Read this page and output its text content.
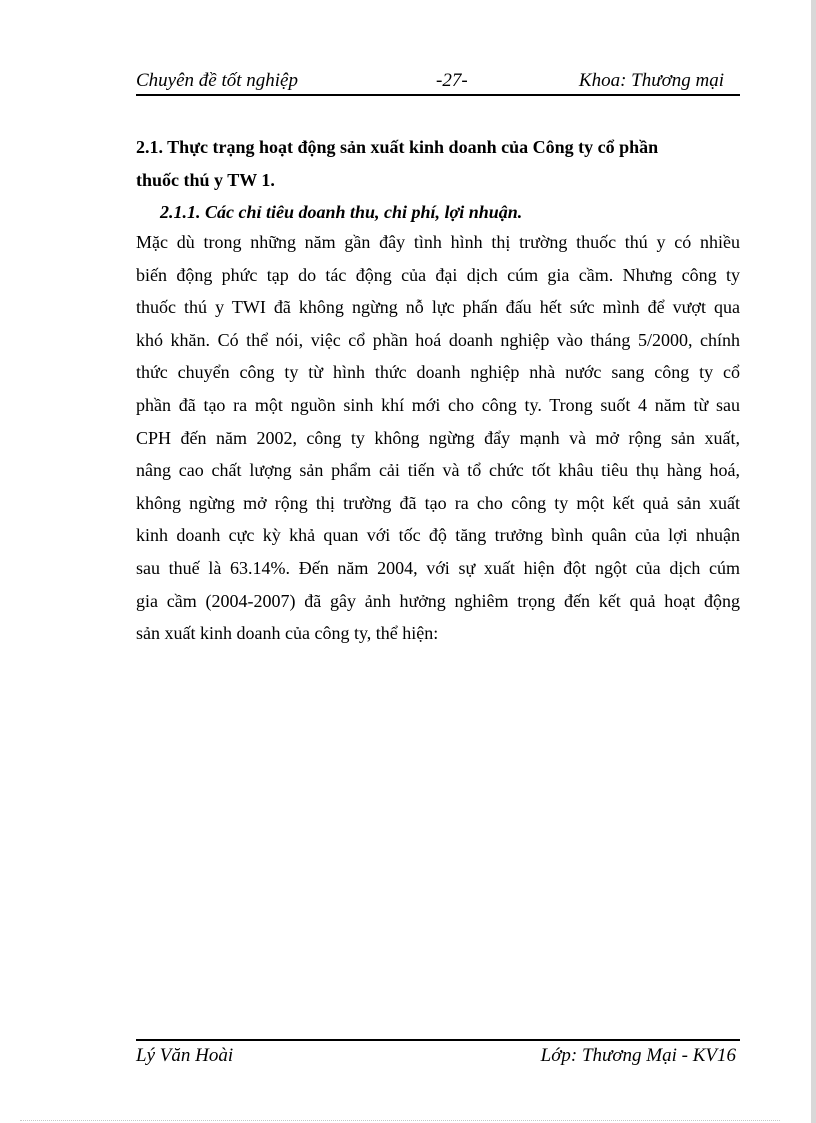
Chuyên đề tốt nghiệp	-27-	Khoa: Thương mại
2.1. Thực trạng hoạt động sản xuất kinh doanh của Công ty cổ phần
thuốc thú y TW 1.
2.1.1. Các chỉ tiêu doanh thu, chi phí, lợi nhuận.
Mặc dù trong những năm gần đây tình hình thị trường thuốc thú y có nhiều
biến động phức tạp do tác động của đại dịch cúm gia cầm. Nhưng công ty
thuốc thú y TWI đã không ngừng nỗ lực phấn đấu hết sức mình để vượt qua
khó khăn. Có thể nói, việc cổ phần hoá doanh nghiệp vào tháng 5/2000, chính
thức chuyển công ty từ hình thức doanh nghiệp nhà nước sang công ty cổ
phần đã tạo ra một nguồn sinh khí mới cho công ty. Trong suốt 4 năm từ sau
CPH đến năm 2002, công ty không ngừng đẩy mạnh và mở rộng sản xuất,
nâng cao chất lượng sản phẩm cải tiến và tổ chức tốt khâu tiêu thụ hàng hoá,
không ngừng mở rộng thị trường đã tạo ra cho công ty một kết quả sản xuất
kinh doanh cực kỳ khả quan với tốc độ tăng trưởng bình quân của lợi nhuận
sau thuế là 63.14%. Đến năm 2004, với sự xuất hiện đột ngột của dịch cúm
gia cầm (2004-2007) đã gây ảnh hưởng nghiêm trọng đến kết quả hoạt động
sản xuất kinh doanh của công ty, thể hiện:
Lý Văn Hoài	Lớp: Thương Mại - KV16
